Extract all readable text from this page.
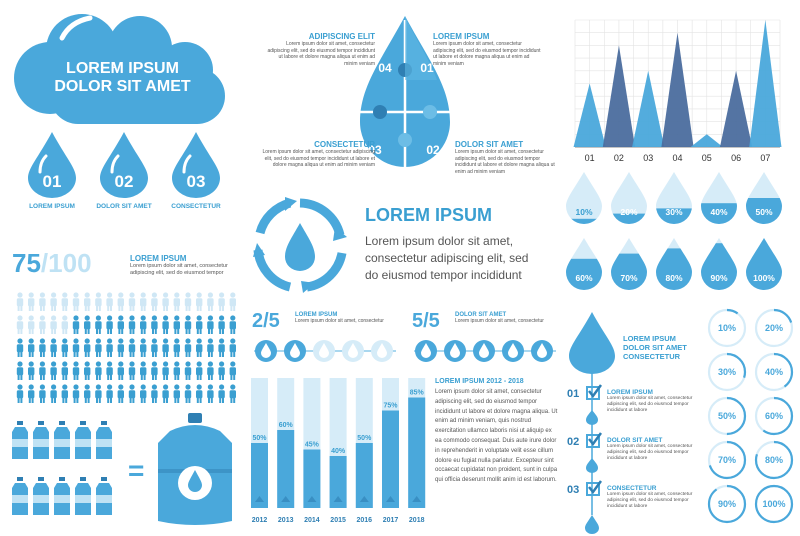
LOREM IPSUM
DOLOR SIT AMET
01
LOREM IPSUM

02
DOLOR SIT AMET
03
CONSECTETUR
04 01
03	02
ADIPISCING ELIT
Lorem ipsum dolor sit amet, consectetur adipiscing elit, sed do eiusmod tempor incididunt ut labore et dolore magna aliqua ut enim ad minim veniam
LOREM IPSUM
Lorem ipsum dolor sit amet, consectetur adipiscing elit, sed do eiusmod tempor incididunt ut labore et dolore magna aliqua ut enim ad minim veniam
CONSECTETUR
Lorem ipsum dolor sit amet, consectetur adipiscing elit, sed do eiusmod tempor incididunt ut labore et dolore magna aliqua ut enim ad minim veniam
DOLOR SIT AMET
Lorem ipsum dolor sit amet, consectetur adipiscing elit, sed do eiusmod tempor incididunt ut labore et dolore magna aliqua ut enim ad minim veniam
01 02 03 04 05 06 07
LOREM IPSUM
Lorem ipsum dolor sit amet,
consectetur adipiscing elit, sed
do eiusmod tempor incididunt
10%	20%	30%	40%	50%
60%	70%	80%	90%	100%
75/100	LOREM IPSUM
Lorem ipsum dolor sit amet, consectetur adipiscing elit, sed do eiusmod tempor
2/5	LOREM IPSUM
Lorem ipsum dolor sit amet, consectetur	5/5	DOLOR SIT AMET
Lorem ipsum dolor sit amet, consectetur
50%
2012
60%
2013
45%
2014
40%
2015
50%
2016
75%
2017
85%
2018
LOREM IPSUM 2012 - 2018
Lorem ipsum dolor sit amet, consectetur adipiscing elit, sed do eiusmod tempor incididunt ut labore et dolore magna aliqua. Ut enim ad minim veniam, quis nostrud exercitation ullamco laboris nisi ut aliquip ex ea commodo consequat. Duis aute irure dolor in reprehenderit in voluptate velit esse cillum dolore eu fugiat nulla pariatur. Excepteur sint occaecat cupidatat non proident, sunt in culpa qui officia deserunt mollit anim id est laborum.
=
LOREM IPSUM
DOLOR SIT AMET
CONSECTETUR
01
02
03
LOREM IPSUM
Lorem ipsum dolor sit amet, consectetur adipiscing elit, sed do eiusmod tempor incididunt ut labore
DOLOR SIT AMET
Lorem ipsum dolor sit amet, consectetur adipiscing elit, sed do eiusmod tempor incididunt ut labore
CONSECTETUR
Lorem ipsum dolor sit amet, consectetur adipiscing elit, sed do eiusmod tempor incididunt ut labore
10%	20%
30%	40%
50%	60%
70%	80%
90%	100%
